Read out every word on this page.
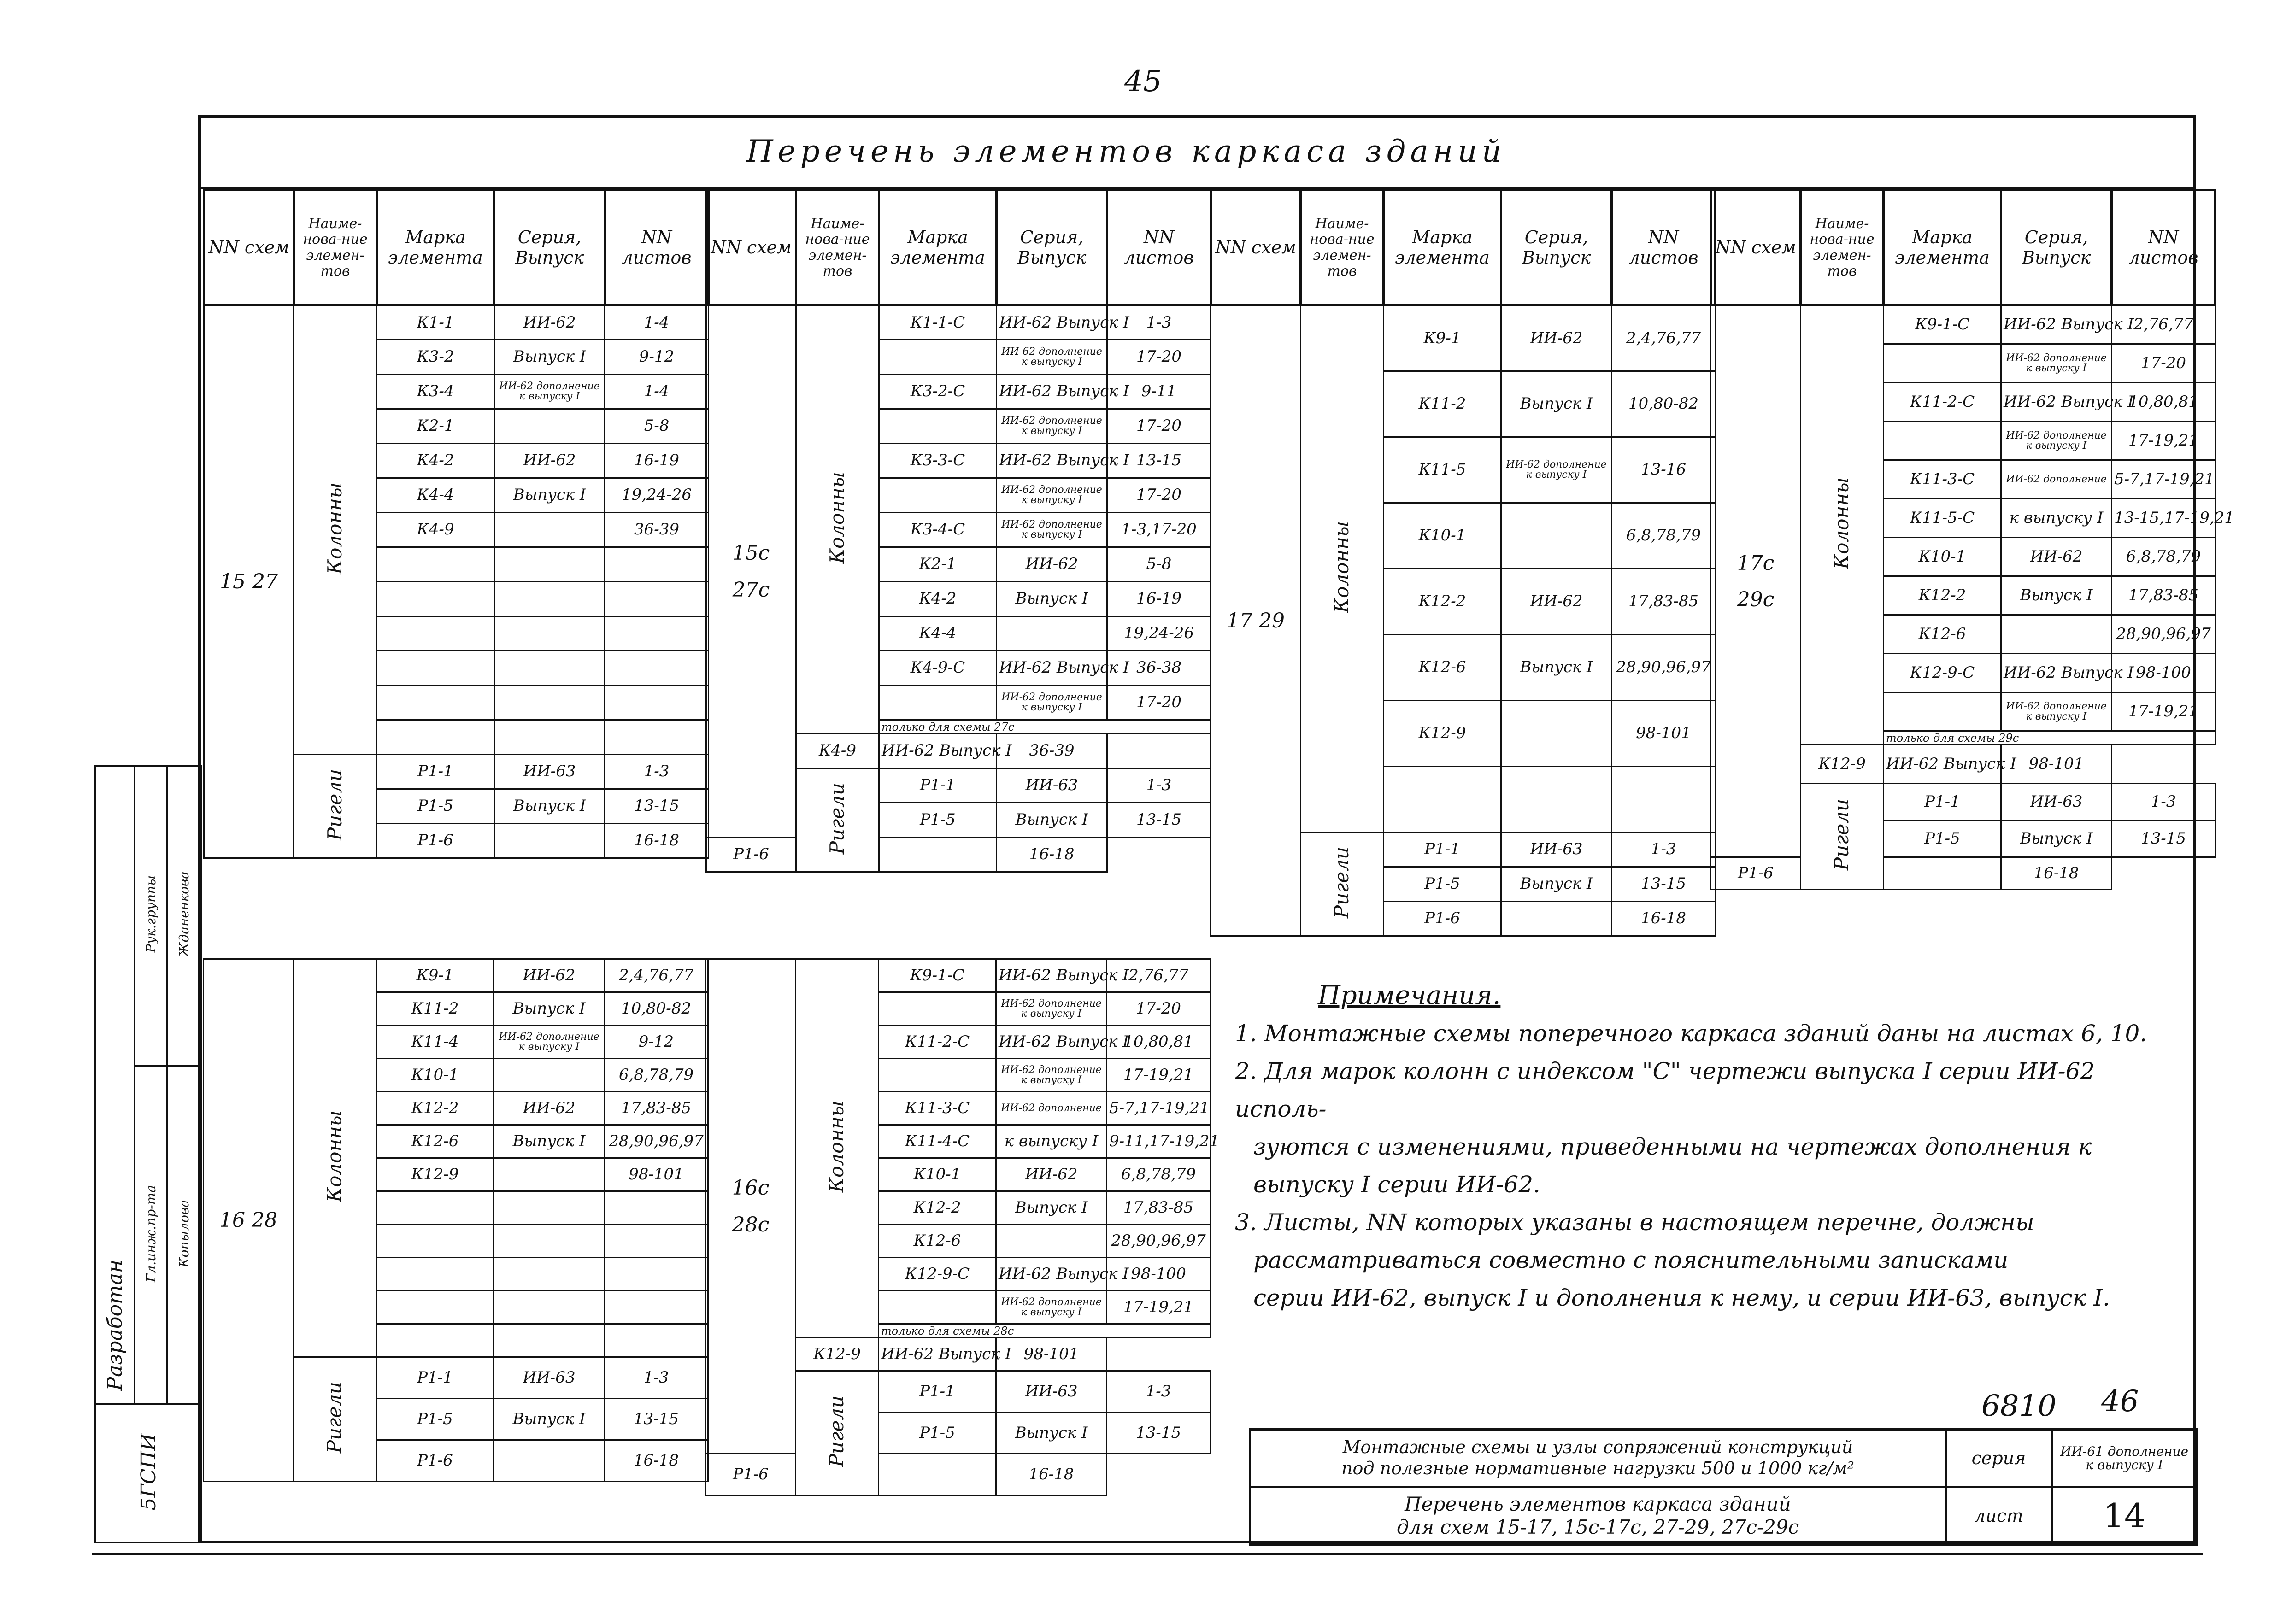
45
Перечень элементов каркаса зданий
NN схем	Наиме-нова-ние элемен-тов	Марка элемента	Серия, Выпуск	NN листов
15 27	Колонны	К1-1	ИИ-62	1-4
		К3-2	Выпуск I	9-12
		К3-4	ИИ-62 дополнение к выпуску I	1-4
		К2-1		5-8
		К4-2	ИИ-62	16-19
		К4-4	Выпуск I	19,24-26
		К4-9		36-39

	Ригели	Р1-1	ИИ-63	1-3
		Р1-5	Выпуск I	13-15
		Р1-6		16-18
16 28	Колонны	К9-1	ИИ-62	2,4,76,77
		К11-2	Выпуск I	10,80-82
		К11-4	ИИ-62 дополнение к выпуску I	9-12
		К10-1		6,8,78,79
		К12-2	ИИ-62	17,83-85
		К12-6	Выпуск I	28,90,96,97
		К12-9		98-101

	Ригели	Р1-1	ИИ-63	1-3
		Р1-5	Выпуск I	13-15
		Р1-6		16-18
NN схем	Наиме-нова-ние элемен-тов	Марка элемента	Серия, Выпуск	NN листов
15с 27с	Колонны	К1-1-С	ИИ-62 Выпуск I	1-3
			ИИ-62 дополнение к выпуску I	17-20
		К3-2-С	ИИ-62 Выпуск I	9-11
			ИИ-62 дополнение к выпуску I	17-20
		К3-3-С	ИИ-62 Выпуск I	13-15
			ИИ-62 дополнение к выпуску I	17-20
		К3-4-С	ИИ-62 дополнение к выпуску I	1-3,17-20
		К2-1	ИИ-62	5-8
		К4-2	Выпуск I	16-19
		К4-4		19,24-26
		К4-9-С	ИИ-62 Выпуск I	36-38
			ИИ-62 дополнение к выпуску I	17-20
		только для схемы 27с		
	К4-9	ИИ-62 Выпуск I	36-39	
	Ригели	Р1-1	ИИ-63	1-3
		Р1-5	Выпуск I	13-15
Р1-6			16-18	
16с 28с	Колонны	К9-1-С	ИИ-62 Выпуск I	2,76,77
			ИИ-62 дополнение к выпуску I	17-20
		К11-2-С	ИИ-62 Выпуск I	10,80,81
			ИИ-62 дополнение к выпуску I	17-19,21
		К11-3-С	ИИ-62 дополнение	5-7,17-19,21
		К11-4-С	к выпуску I	9-11,17-19,21
		К10-1	ИИ-62	6,8,78,79
		К12-2	Выпуск I	17,83-85
		К12-6		28,90,96,97
		К12-9-С	ИИ-62 Выпуск I	98-100
			ИИ-62 дополнение к выпуску I	17-19,21
		только для схемы 28с		
	К12-9	ИИ-62 Выпуск I	98-101	
	Ригели	Р1-1	ИИ-63	1-3
		Р1-5	Выпуск I	13-15
Р1-6			16-18	
NN схем	Наиме-нова-ние элемен-тов	Марка элемента	Серия, Выпуск	NN листов
17 29	Колонны	К9-1	ИИ-62	2,4,76,77
		К11-2	Выпуск I	10,80-82
		К11-5	ИИ-62 дополнение к выпуску I	13-16
		К10-1		6,8,78,79
		К12-2	ИИ-62	17,83-85
		К12-6	Выпуск I	28,90,96,97
		К12-9		98-101

	Ригели	Р1-1	ИИ-63	1-3
		Р1-5	Выпуск I	13-15
		Р1-6		16-18
NN схем	Наиме-нова-ние элемен-тов	Марка элемента	Серия, Выпуск	NN листов
17с 29с	Колонны	К9-1-С	ИИ-62 Выпуск I	2,76,77
			ИИ-62 дополнение к выпуску I	17-20
		К11-2-С	ИИ-62 Выпуск I	10,80,81
			ИИ-62 дополнение к выпуску I	17-19,21
		К11-3-С	ИИ-62 дополнение	5-7,17-19,21
		К11-5-С	к выпуску I	13-15,17-19,21
		К10-1	ИИ-62	6,8,78,79
		К12-2	Выпуск I	17,83-85
		К12-6		28,90,96,97
		К12-9-С	ИИ-62 Выпуск I	98-100
			ИИ-62 дополнение к выпуску I	17-19,21
		только для схемы 29с		
	К12-9	ИИ-62 Выпуск I	98-101	
	Ригели	Р1-1	ИИ-63	1-3
		Р1-5	Выпуск I	13-15
Р1-6			16-18	
Примечания.
1. Монтажные схемы поперечного каркаса зданий даны на листах 6, 10.
2. Для марок колонн с индексом "С" чертежи выпуска I серии ИИ-62 исполь-
зуются с изменениями, приведенными на чертежах дополнения к
выпуску I серии ИИ-62.
3. Листы, NN которых указаны в настоящем перечне, должны
рассматриваться совместно с пояснительными записками
серии ИИ-62, выпуск I и дополнения к нему, и серии ИИ-63, выпуск I.
6810 46
Монтажные схемы и узлы сопряжений конструкций
под полезные нормативные нагрузки 500 и 1000 кг/м²	серия	ИИ-61 дополнение к выпуску I

Перечень элементов каркаса зданий
для схем 15-17, 15с-17с, 27-29, 27с-29с	лист	14
Разработан	Рук.группы	Жданенкова
	Гл.инж.пр-та	Копылова
5ГСПИ		
